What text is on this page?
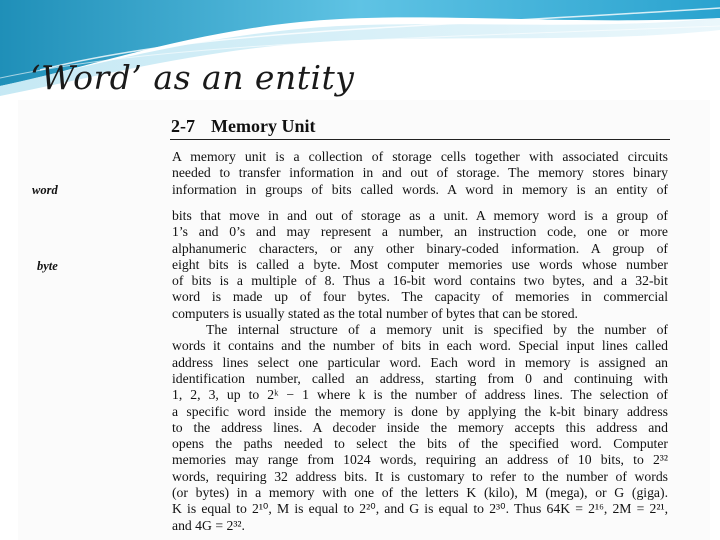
‘Word’ as an entity
2-7 Memory Unit
word
byte

A memory unit is a collection of storage cells together with associated circuits
needed to transfer information in and out of storage. The memory stores binary
information in groups of bits called words. A word in memory is an entity of

bits that move in and out of storage as a unit. A memory word is a group of
1’s and 0’s and may represent a number, an instruction code, one or more
alphanumeric characters, or any other binary-coded information. A group of
eight bits is called a byte. Most computer memories use words whose number
of bits is a multiple of 8. Thus a 16-bit word contains two bytes, and a 32-bit
word is made up of four bytes. The capacity of memories in commercial
computers is usually stated as the total number of bytes that can be stored.
The internal structure of a memory unit is specified by the number of
words it contains and the number of bits in each word. Special input lines called
address lines select one particular word. Each word in memory is assigned an
identification number, called an address, starting from 0 and continuing with
1, 2, 3, up to 2ᵏ − 1 where k is the number of address lines. The selection of
a specific word inside the memory is done by applying the k-bit binary address
to the address lines. A decoder inside the memory accepts this address and
opens the paths needed to select the bits of the specified word. Computer
memories may range from 1024 words, requiring an address of 10 bits, to 2³²
words, requiring 32 address bits. It is customary to refer to the number of words
(or bytes) in a memory with one of the letters K (kilo), M (mega), or G (giga).
K is equal to 2¹⁰, M is equal to 2²⁰, and G is equal to 2³⁰. Thus 64K = 2¹⁶, 2M = 2²¹,
and 4G = 2³².
